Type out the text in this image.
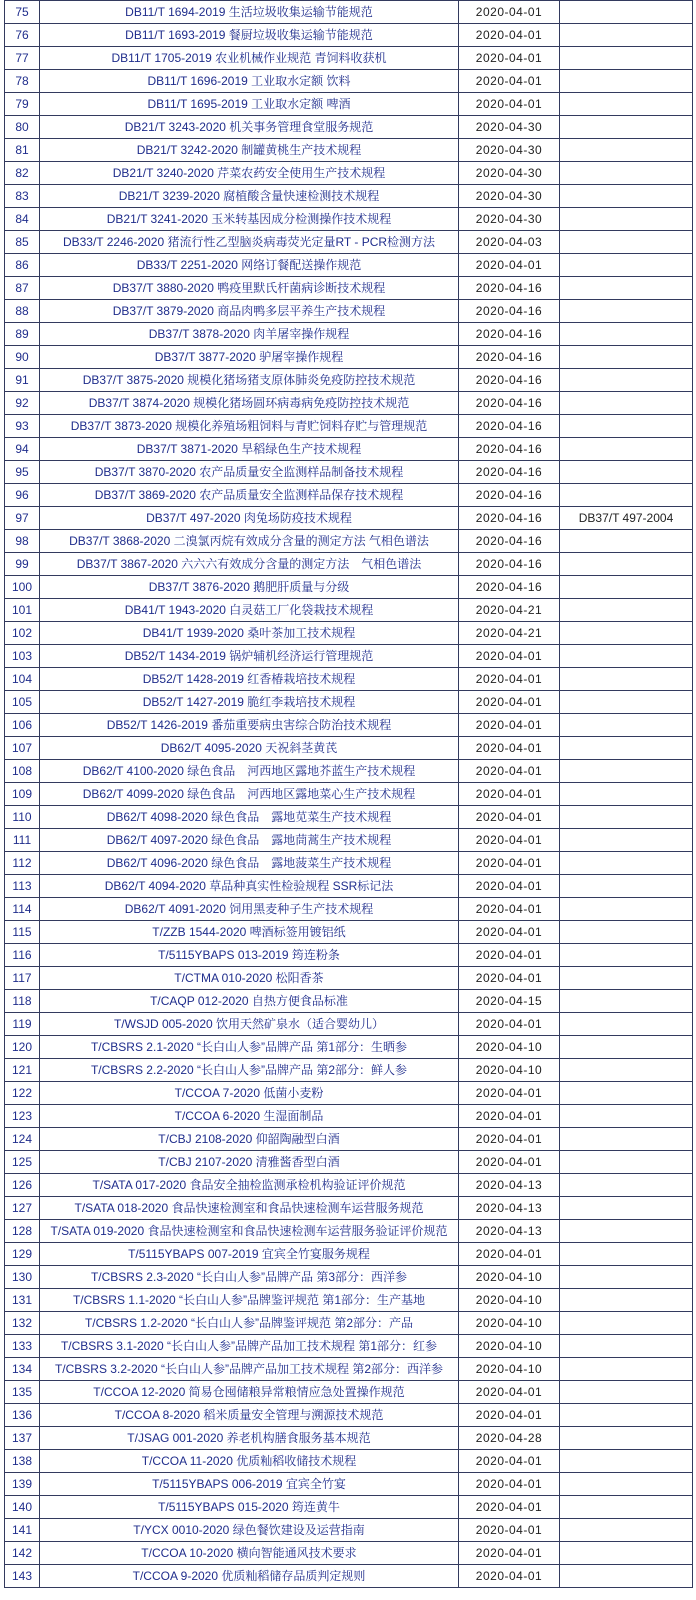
75	DB11/T 1694-2019 生活垃圾收集运输节能规范	2020-04-01	
76	DB11/T 1693-2019 餐厨垃圾收集运输节能规范	2020-04-01	
77	DB11/T 1705-2019 农业机械作业规范 青饲料收获机	2020-04-01	
78	DB11/T 1696-2019 工业取水定额 饮料	2020-04-01	
79	DB11/T 1695-2019 工业取水定额 啤酒	2020-04-01	
80	DB21/T 3243-2020 机关事务管理食堂服务规范	2020-04-30	
81	DB21/T 3242-2020 制罐黄桃生产技术规程	2020-04-30	
82	DB21/T 3240-2020 芹菜农药安全使用生产技术规程	2020-04-30	
83	DB21/T 3239-2020 腐植酸含量快速检测技术规程	2020-04-30	
84	DB21/T 3241-2020 玉米转基因成分检测操作技术规程	2020-04-30	
85	DB33/T 2246-2020 猪流行性乙型脑炎病毒荧光定量RT - PCR检测方法	2020-04-03	
86	DB33/T 2251-2020 网络订餐配送操作规范	2020-04-01	
87	DB37/T 3880-2020 鸭疫里默氏杆菌病诊断技术规程	2020-04-16	
88	DB37/T 3879-2020 商品肉鸭多层平养生产技术规程	2020-04-16	
89	DB37/T 3878-2020 肉羊屠宰操作规程	2020-04-16	
90	DB37/T 3877-2020 驴屠宰操作规程	2020-04-16	
91	DB37/T 3875-2020 规模化猪场猪支原体肺炎免疫防控技术规范	2020-04-16	
92	DB37/T 3874-2020 规模化猪场圆环病毒病免疫防控技术规范	2020-04-16	
93	DB37/T 3873-2020 规模化养殖场粗饲料与青贮饲料存贮与管理规范	2020-04-16	
94	DB37/T 3871-2020 旱稻绿色生产技术规程	2020-04-16	
95	DB37/T 3870-2020 农产品质量安全监测样品制备技术规程	2020-04-16	
96	DB37/T 3869-2020 农产品质量安全监测样品保存技术规程	2020-04-16	
97	DB37/T 497-2020 肉兔场防疫技术规程	2020-04-16	DB37/T 497-2004
98	DB37/T 3868-2020 二溴氯丙烷有效成分含量的测定方法 气相色谱法	2020-04-16	
99	DB37/T 3867-2020 六六六有效成分含量的测定方法　气相色谱法	2020-04-16	
100	DB37/T 3876-2020 鹅肥肝质量与分级	2020-04-16	
101	DB41/T 1943-2020 白灵菇工厂化袋栽技术规程	2020-04-21	
102	DB41/T 1939-2020 桑叶茶加工技术规程	2020-04-21	
103	DB52/T 1434-2019 锅炉辅机经济运行管理规范	2020-04-01	
104	DB52/T 1428-2019 红香椿栽培技术规程	2020-04-01	
105	DB52/T 1427-2019 脆红李栽培技术规程	2020-04-01	
106	DB52/T 1426-2019 番茄重要病虫害综合防治技术规程	2020-04-01	
107	DB62/T 4095-2020 天祝斜茎黄芪	2020-04-01	
108	DB62/T 4100-2020 绿色食品　河西地区露地芥蓝生产技术规程	2020-04-01	
109	DB62/T 4099-2020 绿色食品　河西地区露地菜心生产技术规程	2020-04-01	
110	DB62/T 4098-2020 绿色食品　露地苋菜生产技术规程	2020-04-01	
111	DB62/T 4097-2020 绿色食品　露地茼蒿生产技术规程	2020-04-01	
112	DB62/T 4096-2020 绿色食品　露地菠菜生产技术规程	2020-04-01	
113	DB62/T 4094-2020 草品种真实性检验规程 SSR标记法	2020-04-01	
114	DB62/T 4091-2020 饲用黑麦种子生产技术规程	2020-04-01	
115	T/ZZB 1544-2020 啤酒标签用镀铝纸	2020-04-01	
116	T/5115YBAPS 013-2019 筠连粉条	2020-04-01	
117	T/CTMA 010-2020 松阳香茶	2020-04-01	
118	T/CAQP 012-2020 自热方便食品标准	2020-04-15	
119	T/WSJD 005-2020 饮用天然矿泉水（适合婴幼儿）	2020-04-01	
120	T/CBSRS 2.1-2020 “长白山人参”品牌产品 第1部分：生晒参	2020-04-10	
121	T/CBSRS 2.2-2020 “长白山人参”品牌产品 第2部分：鲜人参	2020-04-10	
122	T/CCOA 7-2020 低菌小麦粉	2020-04-01	
123	T/CCOA 6-2020 生湿面制品	2020-04-01	
124	T/CBJ 2108-2020 仰韶陶融型白酒	2020-04-01	
125	T/CBJ 2107-2020 清雅酱香型白酒	2020-04-01	
126	T/SATA 017-2020 食品安全抽检监测承检机构验证评价规范	2020-04-13	
127	T/SATA 018-2020 食品快速检测室和食品快速检测车运营服务规范	2020-04-13	
128	T/SATA 019-2020 食品快速检测室和食品快速检测车运营服务验证评价规范	2020-04-13	
129	T/5115YBAPS 007-2019 宜宾全竹宴服务规程	2020-04-01	
130	T/CBSRS 2.3-2020 “长白山人参”品牌产品 第3部分：西洋参	2020-04-10	
131	T/CBSRS 1.1-2020 “长白山人参”品牌鉴评规范 第1部分：生产基地	2020-04-10	
132	T/CBSRS 1.2-2020 “长白山人参”品牌鉴评规范 第2部分：产品	2020-04-10	
133	T/CBSRS 3.1-2020 “长白山人参”品牌产品加工技术规程 第1部分：红参	2020-04-10	
134	T/CBSRS 3.2-2020 “长白山人参”品牌产品加工技术规程 第2部分：西洋参	2020-04-10	
135	T/CCOA 12-2020 简易仓囤储粮异常粮情应急处置操作规范	2020-04-01	
136	T/CCOA 8-2020 稻米质量安全管理与溯源技术规范	2020-04-01	
137	T/JSAG 001-2020 养老机构膳食服务基本规范	2020-04-28	
138	T/CCOA 11-2020 优质籼稻收储技术规程	2020-04-01	
139	T/5115YBAPS 006-2019 宜宾全竹宴	2020-04-01	
140	T/5115YBAPS 015-2020 筠连黄牛	2020-04-01	
141	T/YCX 0010-2020 绿色餐饮建设及运营指南	2020-04-01	
142	T/CCOA 10-2020 横向智能通风技术要求	2020-04-01	
143	T/CCOA 9-2020 优质籼稻储存品质判定规则	2020-04-01	
